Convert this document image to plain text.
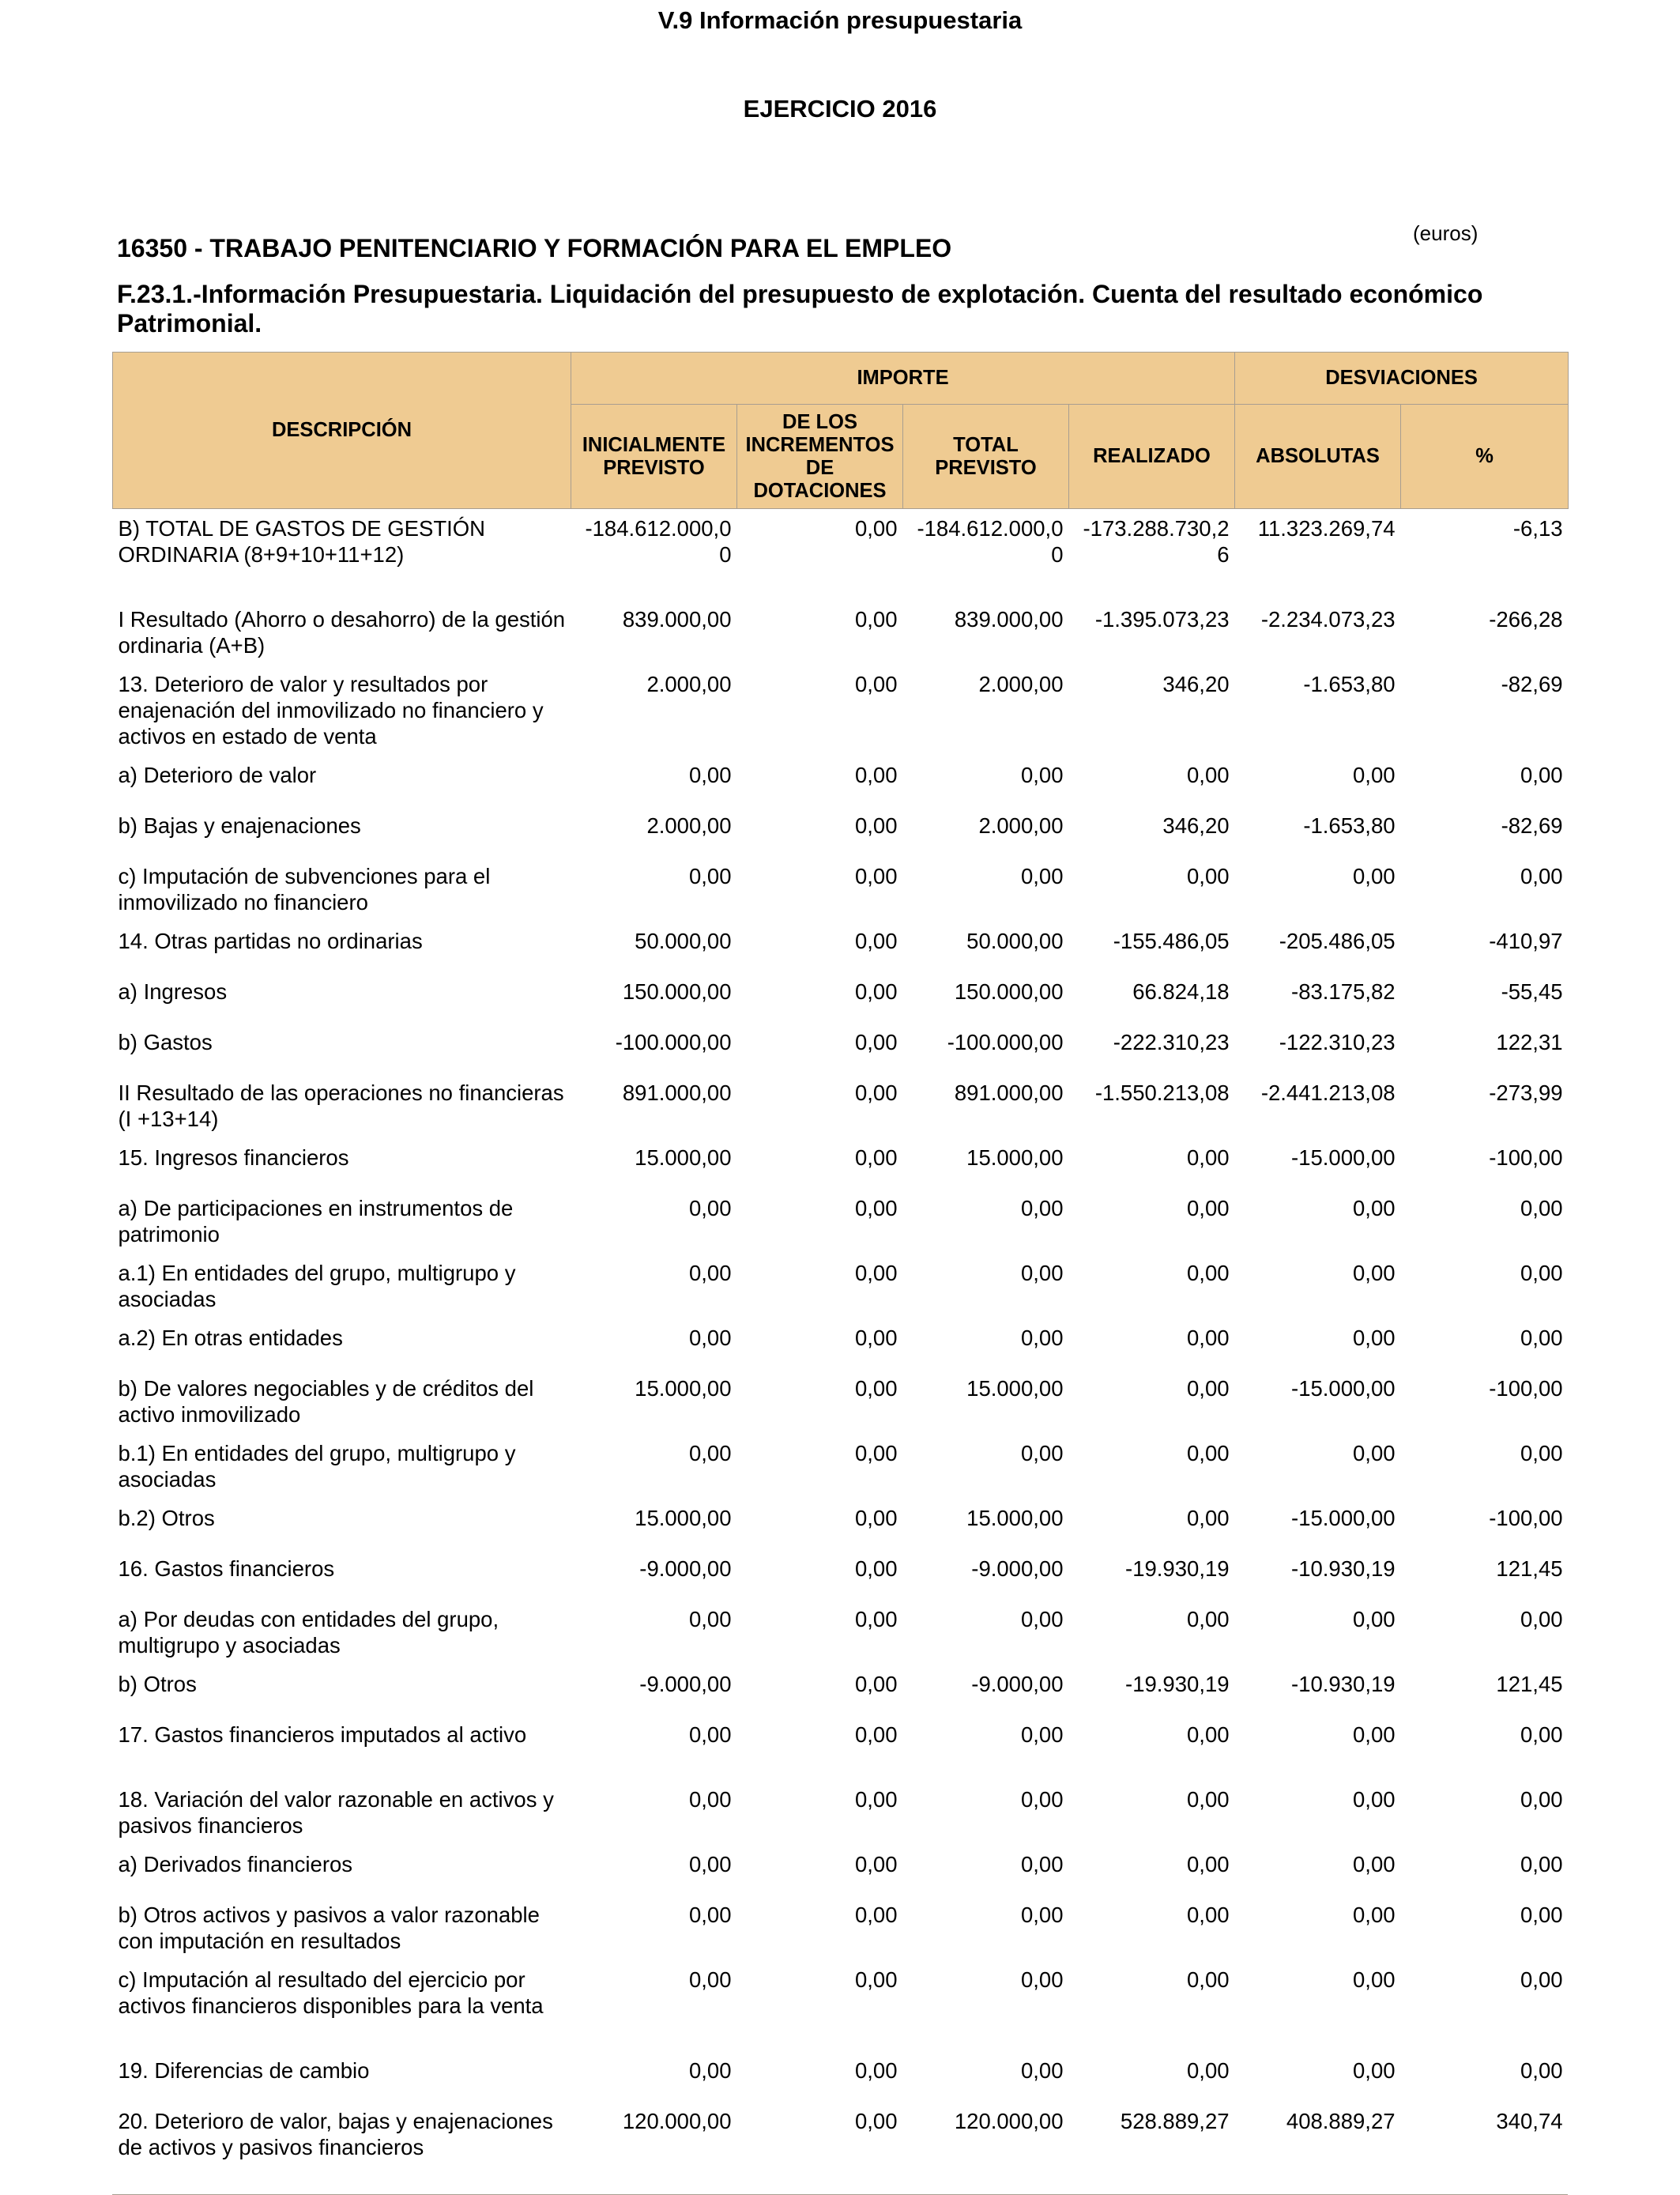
V.9 Información presupuestaria
EJERCICIO 2016
(euros)
16350 - TRABAJO PENITENCIARIO Y FORMACIÓN PARA EL EMPLEO
F.23.1.-Información Presupuestaria. Liquidación del presupuesto de explotación. Cuenta del resultado económico Patrimonial.
DESCRIPCIÓN	IMPORTE				DESVIACIONES	
	INICIALMENTE PREVISTO	DE LOS INCREMENTOS DE DOTACIONES	TOTAL PREVISTO	REALIZADO	ABSOLUTAS	%
B) TOTAL DE GASTOS DE GESTIÓN ORDINARIA (8+9+10+11+12)	-184.612.000,00	0,00	-184.612.000,00	-173.288.730,26	11.323.269,74	-6,13
I Resultado (Ahorro o desahorro) de la gestión ordinaria (A+B)	839.000,00	0,00	839.000,00	-1.395.073,23	-2.234.073,23	-266,28
13. Deterioro de valor y resultados por enajenación del inmovilizado no financiero y activos en estado de venta	2.000,00	0,00	2.000,00	346,20	-1.653,80	-82,69
a) Deterioro de valor	0,00	0,00	0,00	0,00	0,00	0,00
b) Bajas y enajenaciones	2.000,00	0,00	2.000,00	346,20	-1.653,80	-82,69
c) Imputación de subvenciones para el inmovilizado no financiero	0,00	0,00	0,00	0,00	0,00	0,00
14. Otras partidas no ordinarias	50.000,00	0,00	50.000,00	-155.486,05	-205.486,05	-410,97
a) Ingresos	150.000,00	0,00	150.000,00	66.824,18	-83.175,82	-55,45
b) Gastos	-100.000,00	0,00	-100.000,00	-222.310,23	-122.310,23	122,31
II Resultado de las operaciones no financieras (I +13+14)	891.000,00	0,00	891.000,00	-1.550.213,08	-2.441.213,08	-273,99
15. Ingresos financieros	15.000,00	0,00	15.000,00	0,00	-15.000,00	-100,00
a) De participaciones en instrumentos de patrimonio	0,00	0,00	0,00	0,00	0,00	0,00
a.1) En entidades del grupo, multigrupo y asociadas	0,00	0,00	0,00	0,00	0,00	0,00
a.2) En otras entidades	0,00	0,00	0,00	0,00	0,00	0,00
b) De valores negociables y de créditos del activo inmovilizado	15.000,00	0,00	15.000,00	0,00	-15.000,00	-100,00
b.1) En entidades del grupo, multigrupo y asociadas	0,00	0,00	0,00	0,00	0,00	0,00
b.2) Otros	15.000,00	0,00	15.000,00	0,00	-15.000,00	-100,00
16. Gastos financieros	-9.000,00	0,00	-9.000,00	-19.930,19	-10.930,19	121,45
a) Por deudas con entidades del grupo, multigrupo y asociadas	0,00	0,00	0,00	0,00	0,00	0,00
b) Otros	-9.000,00	0,00	-9.000,00	-19.930,19	-10.930,19	121,45
17. Gastos financieros imputados al activo	0,00	0,00	0,00	0,00	0,00	0,00
18. Variación del valor razonable en activos y pasivos financieros	0,00	0,00	0,00	0,00	0,00	0,00
a) Derivados financieros	0,00	0,00	0,00	0,00	0,00	0,00
b) Otros activos y pasivos a valor razonable con imputación en resultados	0,00	0,00	0,00	0,00	0,00	0,00
c) Imputación al resultado del ejercicio por activos financieros disponibles para la venta	0,00	0,00	0,00	0,00	0,00	0,00
19. Diferencias de cambio	0,00	0,00	0,00	0,00	0,00	0,00
20. Deterioro de valor, bajas y enajenaciones de activos y pasivos financieros	120.000,00	0,00	120.000,00	528.889,27	408.889,27	340,74
